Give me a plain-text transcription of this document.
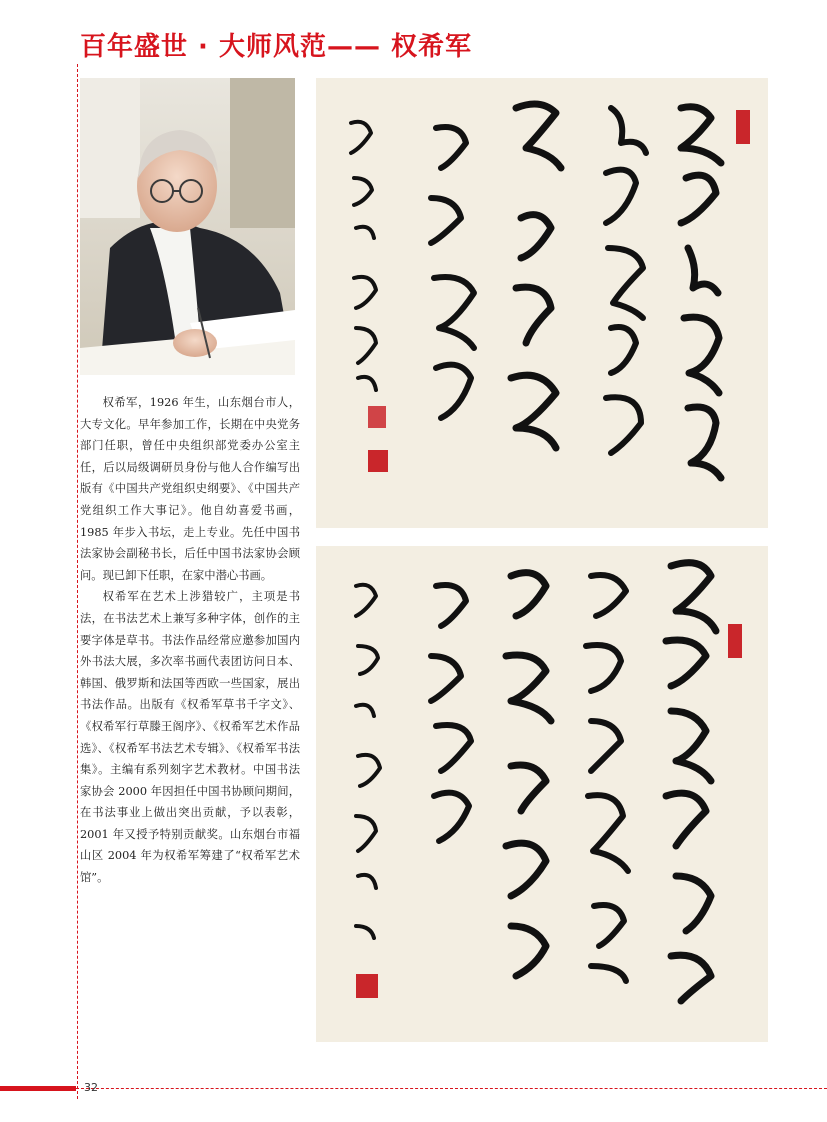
百年盛世 · 大师风范—— 权希军

权希军，1926 年生，山东烟台市人，大专文化。早年参加工作，长期在中央党务部门任职，曾任中央组织部党委办公室主任，后以局级调研员身份与他人合作编写出版有《中国共产党组织史纲要》、《中国共产党组织工作大事记》。他自幼喜爱书画，1985 年步入书坛，走上专业。先任中国书法家协会副秘书长，后任中国书法家协会顾问。现已卸下任职，在家中潜心书画。

权希军在艺术上涉猎较广，主项是书法，在书法艺术上兼写多种字体，创作的主要字体是草书。书法作品经常应邀参加国内外书法大展，多次率书画代表团访问日本、韩国、俄罗斯和法国等西欧一些国家，展出书法作品。出版有《权希军草书千字文》、《权希军行草滕王阁序》、《权希军艺术作品选》、《权希军书法艺术专辑》、《权希军书法集》。主编有系列刻字艺术教材。中国书法家协会 2000 年因担任中国书协顾问期间，在书法事业上做出突出贡献，予以表彰，2001 年又授予特别贡献奖。山东烟台市福山区 2004 年为权希军筹建了“权希军艺术馆”。

32
